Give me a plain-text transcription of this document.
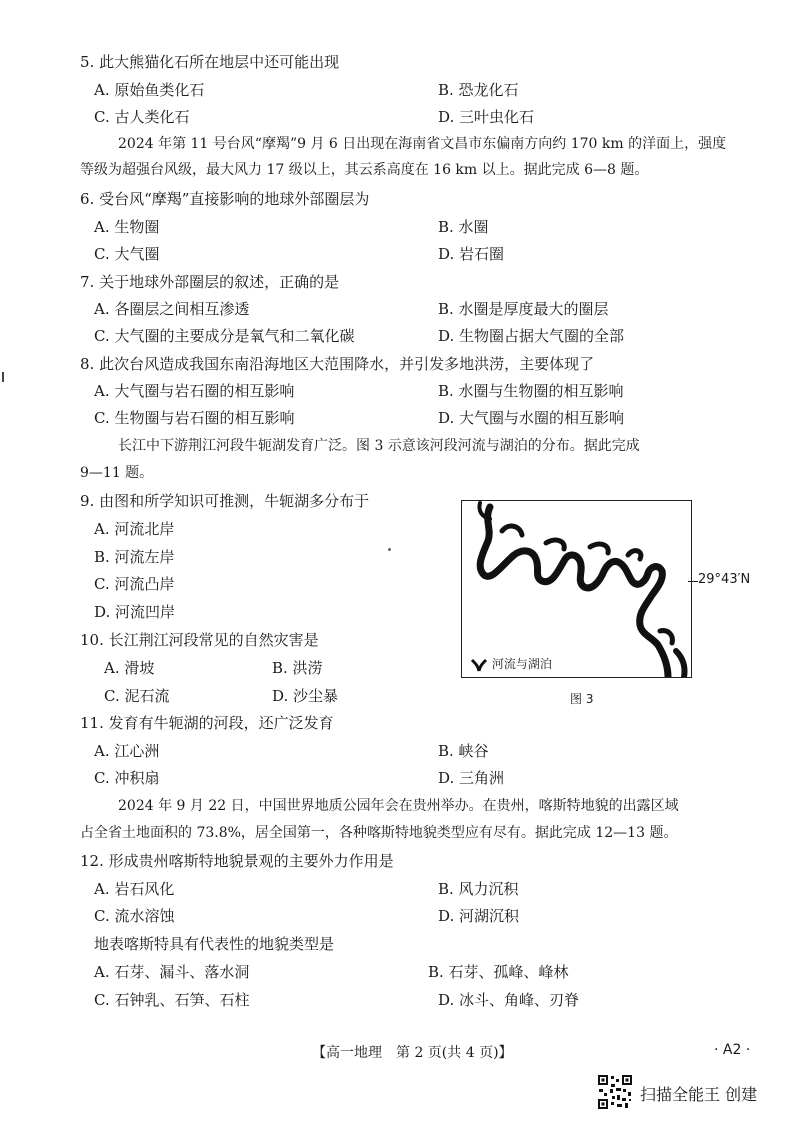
5. 此大熊猫化石所在地层中还可能出现
A. 原始鱼类化石	B. 恐龙化石
C. 古人类化石	D. 三叶虫化石
2024 年第 11 号台风“摩羯”9 月 6 日出现在海南省文昌市东偏南方向约 170 km 的洋面上，强度
等级为超强台风级，最大风力 17 级以上，其云系高度在 16 km 以上。据此完成 6—8 题。
6. 受台风“摩羯”直接影响的地球外部圈层为
A. 生物圈	B. 水圈
C. 大气圈	D. 岩石圈
7. 关于地球外部圈层的叙述，正确的是
A. 各圈层之间相互渗透	B. 水圈是厚度最大的圈层
C. 大气圈的主要成分是氧气和二氧化碳	D. 生物圈占据大气圈的全部
8. 此次台风造成我国东南沿海地区大范围降水，并引发多地洪涝，主要体现了
A. 大气圈与岩石圈的相互影响	B. 水圈与生物圈的相互影响
C. 生物圈与岩石圈的相互影响	D. 大气圈与水圈的相互影响
长江中下游荆江河段牛轭湖发育广泛。图 3 示意该河段河流与湖泊的分布。据此完成
9—11 题。
9. 由图和所学知识可推测，牛轭湖多分布于
A. 河流北岸
B. 河流左岸
C. 河流凸岸
D. 河流凹岸
10. 长江荆江河段常见的自然灾害是
A. 滑坡	B. 洪涝
C. 泥石流	D. 沙尘暴
29°43′N
河流与湖泊
图 3
11. 发育有牛轭湖的河段，还广泛发育
A. 江心洲	B. 峡谷
C. 冲积扇	D. 三角洲
2024 年 9 月 22 日，中国世界地质公园年会在贵州举办。在贵州，喀斯特地貌的出露区域
占全省土地面积的 73.8%，居全国第一，各种喀斯特地貌类型应有尽有。据此完成 12—13 题。
12. 形成贵州喀斯特地貌景观的主要外力作用是
A. 岩石风化	B. 风力沉积
C. 流水溶蚀	D. 河湖沉积
地表喀斯特具有代表性的地貌类型是
A. 石芽、漏斗、落水洞	B. 石芽、孤峰、峰林
C. 石钟乳、石笋、石柱	D. 冰斗、角峰、刃脊
【高一地理　第 2 页(共 4 页)】	· A2 ·
扫描全能王 创建
